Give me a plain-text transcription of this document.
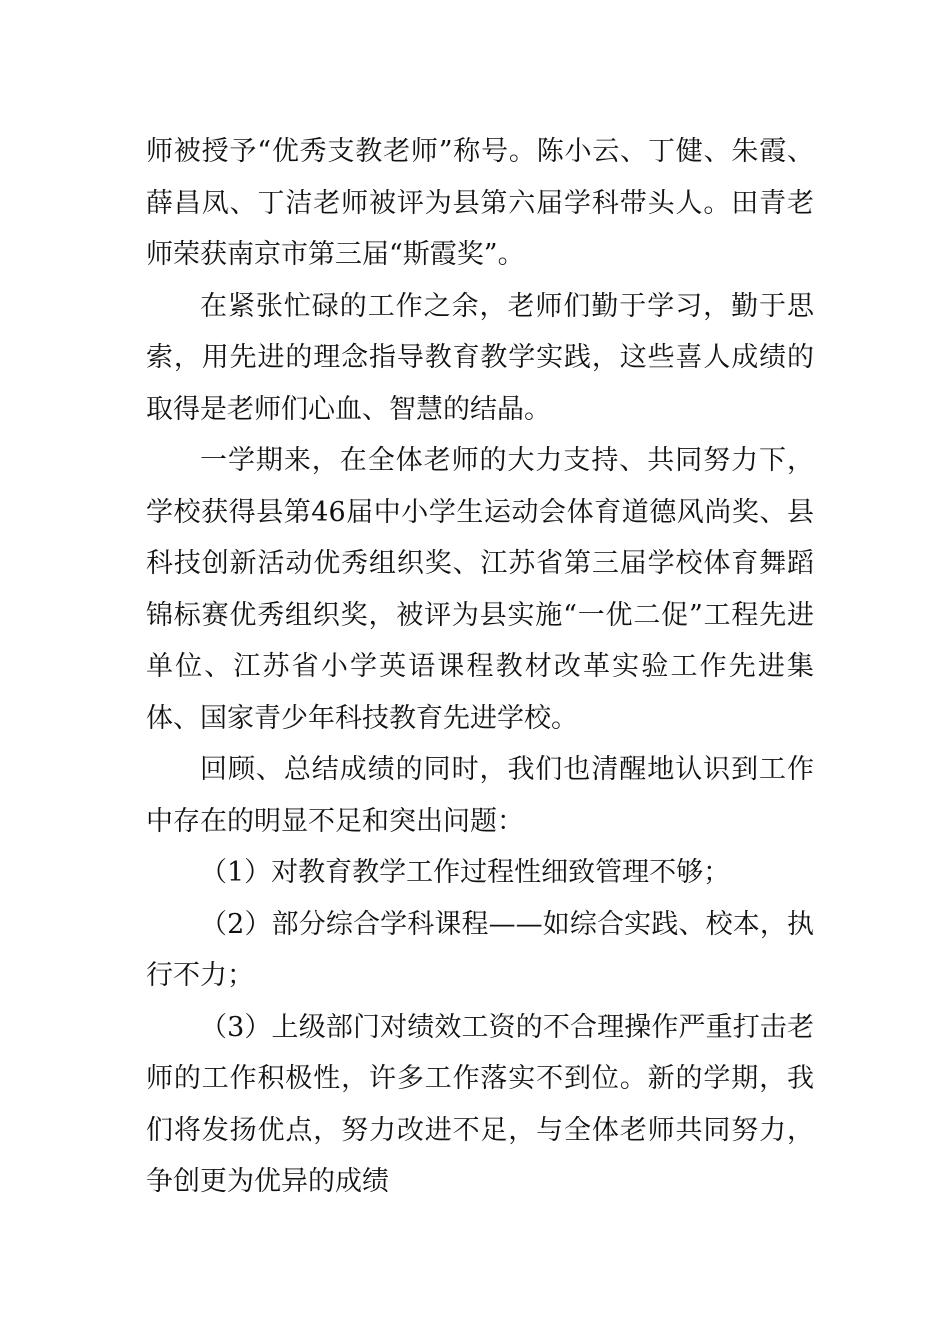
师被授予“优秀支教老师”称号。陈小云、丁健、朱霞、薛昌凤、丁洁老师被评为县第六届学科带头人。田青老师荣获南京市第三届“斯霞奖”。

在紧张忙碌的工作之余，老师们勤于学习，勤于思索，用先进的理念指导教育教学实践，这些喜人成绩的取得是老师们心血、智慧的结晶。

一学期来，在全体老师的大力支持、共同努力下，学校获得县第46届中小学生运动会体育道德风尚奖、县科技创新活动优秀组织奖、江苏省第三届学校体育舞蹈锦标赛优秀组织奖，被评为县实施“一优二促”工程先进单位、江苏省小学英语课程教材改革实验工作先进集体、国家青少年科技教育先进学校。

回顾、总结成绩的同时，我们也清醒地认识到工作中存在的明显不足和突出问题：

（1）对教育教学工作过程性细致管理不够；

（2）部分综合学科课程——如综合实践、校本，执行不力；

（3）上级部门对绩效工资的不合理操作严重打击老师的工作积极性，许多工作落实不到位。新的学期，我们将发扬优点，努力改进不足，与全体老师共同努力，争创更为优异的成绩
